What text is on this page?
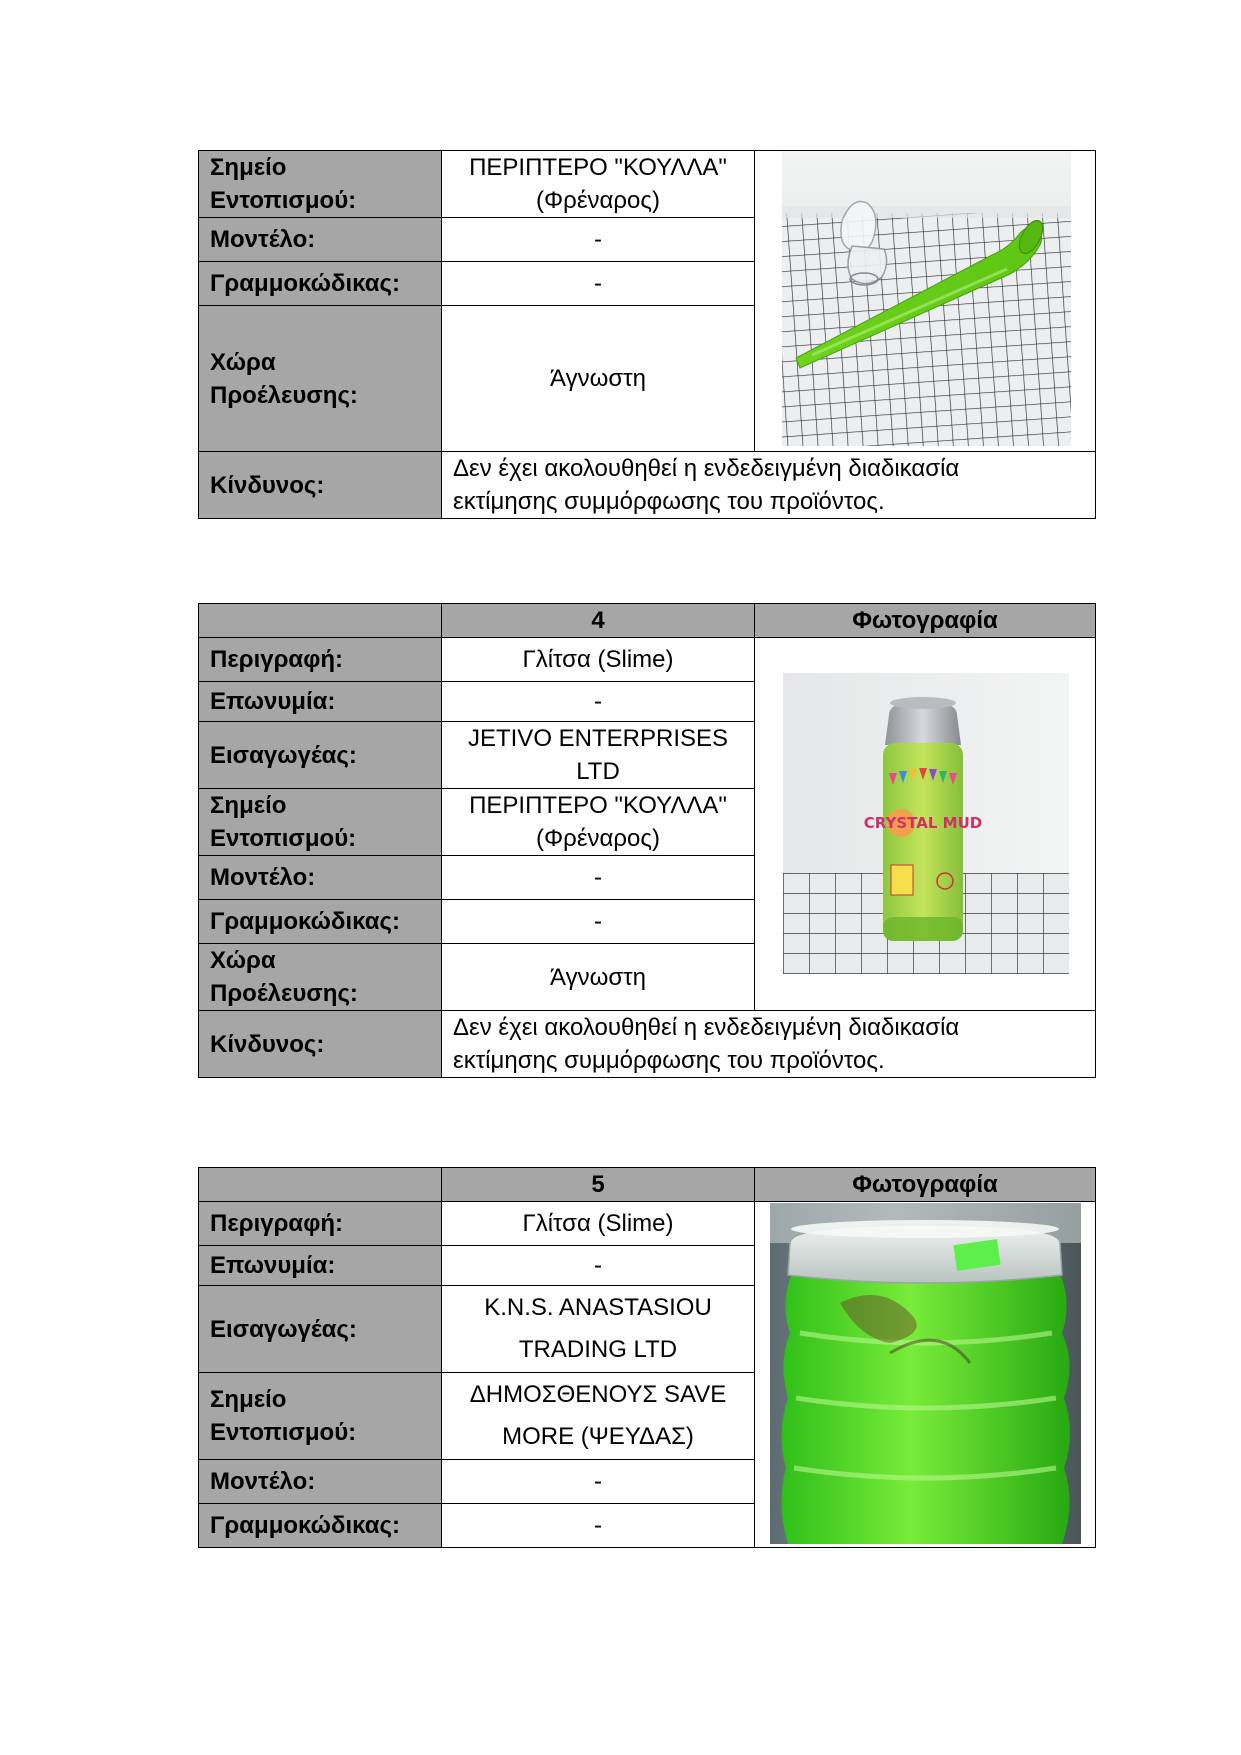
Σημείο
Εντοπισμού:	ΠΕΡΙΠΤΕΡΟ "ΚΟΥΛΛΑ"
(Φρέναρος)	

Μοντέλο:	-	
Γραμμοκώδικας:	-	
Χώρα
Προέλευσης:	Άγνωστη	
Κίνδυνος:	Δεν έχει ακολουθηθεί η ενδεδειγμένη διαδικασία
εκτίμησης συμμόρφωσης του προϊόντος.	
	4	Φωτογραφία
Περιγραφή:	Γλίτσα (Slime)	CRYSTAL MUD

Επωνυμία:	-	
Εισαγωγέας:	JETIVO ENTERPRISES
LTD	
Σημείο
Εντοπισμού:	ΠΕΡΙΠΤΕΡΟ "ΚΟΥΛΛΑ"
(Φρέναρος)	
Μοντέλο:	-	
Γραμμοκώδικας:	-	
Χώρα
Προέλευσης:	Άγνωστη	
Κίνδυνος:	Δεν έχει ακολουθηθεί η ενδεδειγμένη διαδικασία
εκτίμησης συμμόρφωσης του προϊόντος.	
	5	Φωτογραφία
Περιγραφή:	Γλίτσα (Slime)	

Επωνυμία:	-	
Εισαγωγέας:	K.N.S. ANASTASIOU
TRADING LTD	
Σημείο
Εντοπισμού:	ΔΗΜΟΣΘΕΝΟΥΣ SAVE
MORE (ΨΕΥΔΑΣ)	
Μοντέλο:	-	
Γραμμοκώδικας:	-	
